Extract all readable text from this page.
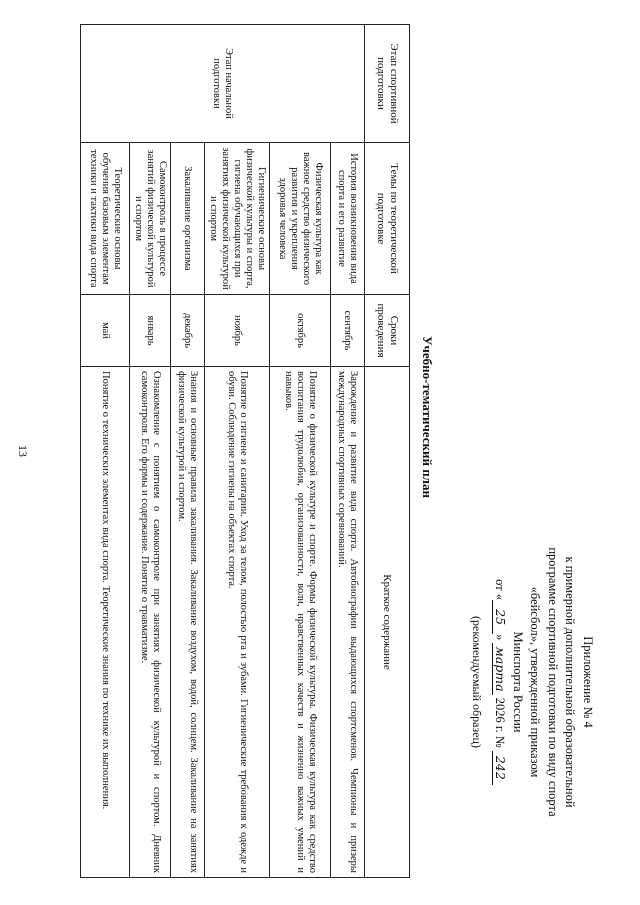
13
Приложение № 4
к примерной дополнительной образовательной
программе спортивной подготовки по виду спорта
«бейсбол», утвержденной приказом
Минспорта России
от «25» марта 2026 г. № 242
(рекомендуемый образец)
Учебно-тематический план
Этап спортивной подготовки	Темы по теоретической подготовке	Сроки проведения	Краткое содержание
Этап начальной подготовки	История возникновения вида спорта и его развитие	сентябрь	Зарождение и развитие вида спорта. Автобиографии выдающихся спортсменов. Чемпионы и призеры международных спортивных соревнований.
	Физическая культура как важное средство физического развития и укрепления здоровья человека	октябрь	Понятие о физической культуре и спорте. Формы физической культуры. Физическая культура как средство воспитания трудолюбия, организованности, воли, нравственных качеств и жизненно важных умений и навыков.
	Гигиенические основы физической культуры и спорта, гигиена обучающихся при занятиях физической культурой и спортом	ноябрь	Понятие о гигиене и санитарии. Уход за телом, полостью рта и зубами. Гигиенические требования к одежде и обуви. Соблюдение гигиены на объектах спорта.
	Закаливание организма	декабрь	Знания и основные правила закаливания. Закаливание воздухом, водой, солнцем. Закаливание на занятиях физической культурой и спортом.
	Самоконтроль в процессе занятий физической культурой и спортом	январь	Ознакомление с понятием о самоконтроле при занятиях физической культурой и спортом. Дневник самоконтроля. Его формы и содержание. Понятие о травматизме.
	Теоретические основы обучения базовым элементам техники и тактики вида спорта	май	Понятие о технических элементах вида спорта. Теоретические знания по технике их выполнения.
